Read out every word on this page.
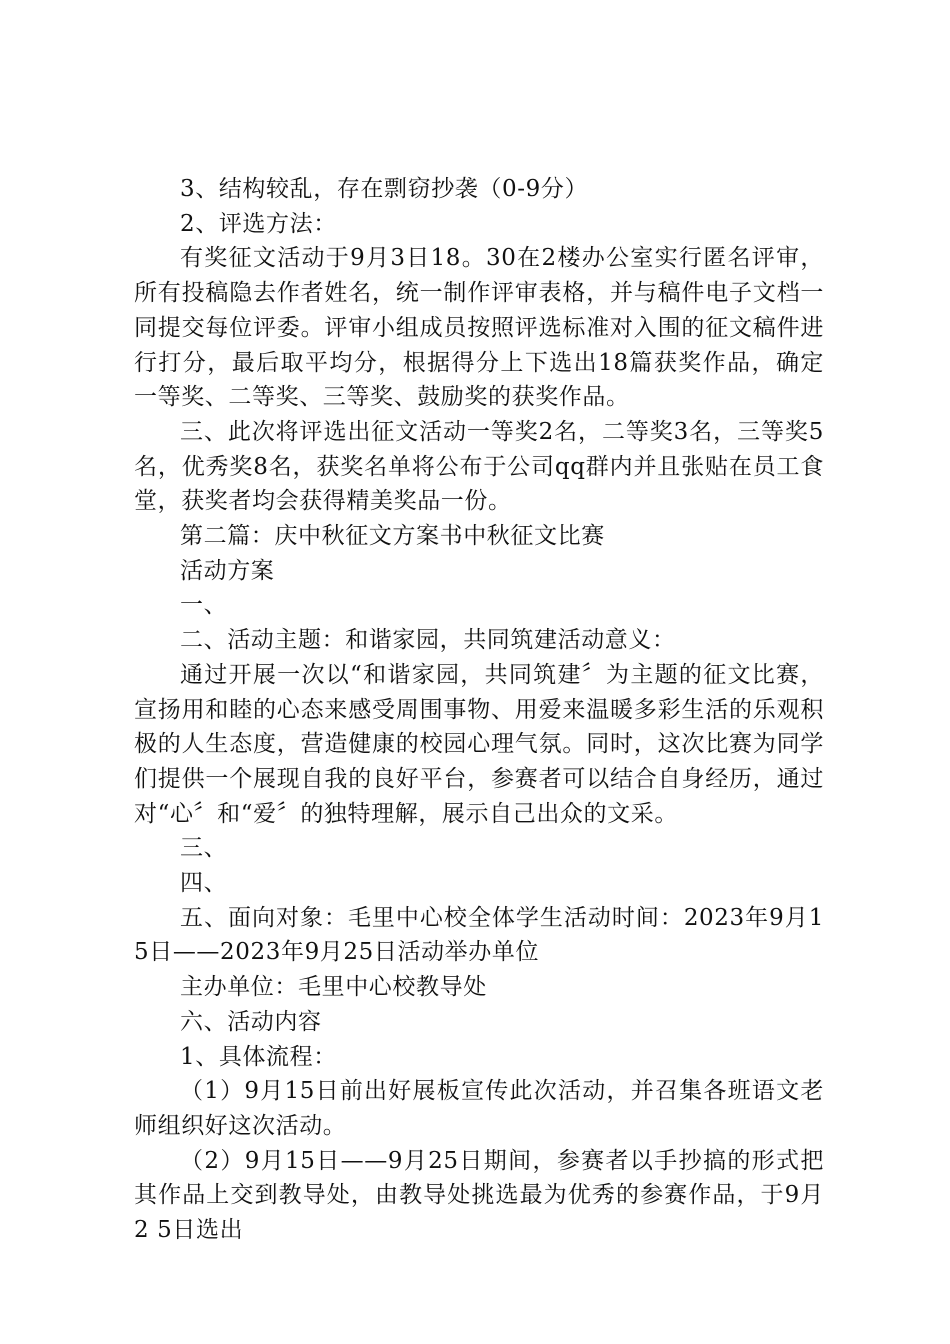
3、结构较乱，存在剽窃抄袭（0-9分）

2、评选方法：

有奖征文活动于9月3日18。30在2楼办公室实行匿名评审，所有投稿隐去作者姓名，统一制作评审表格，并与稿件电子文档一同提交每位评委。评审小组成员按照评选标准对入围的征文稿件进行打分，最后取平均分，根据得分上下选出18篇获奖作品，确定一等奖、二等奖、三等奖、鼓励奖的获奖作品。

三、此次将评选出征文活动一等奖2名，二等奖3名，三等奖5名，优秀奖8名，获奖名单将公布于公司qq群内并且张贴在员工食堂，获奖者均会获得精美奖品一份。

第二篇：庆中秋征文方案书中秋征文比赛

活动方案

一、

二、活动主题：和谐家园，共同筑建活动意义：

通过开展一次以“和谐家园，共同筑建〞为主题的征文比赛，宣扬用和睦的心态来感受周围事物、用爱来温暖多彩生活的乐观积极的人生态度，营造健康的校园心理气氛。同时，这次比赛为同学们提供一个展现自我的良好平台，参赛者可以结合自身经历，通过对“心〞和“爱〞的独特理解，展示自己出众的文采。

三、

四、

五、面向对象：毛里中心校全体学生活动时间：2023年9月15日——2023年9月25日活动举办单位

主办单位：毛里中心校教导处

六、活动内容

1、具体流程：

（1）9月15日前出好展板宣传此次活动，并召集各班语文老师组织好这次活动。

（2）9月15日——9月25日期间，参赛者以手抄搞的形式把其作品上交到教导处，由教导处挑选最为优秀的参赛作品，于9月2 5日选出
